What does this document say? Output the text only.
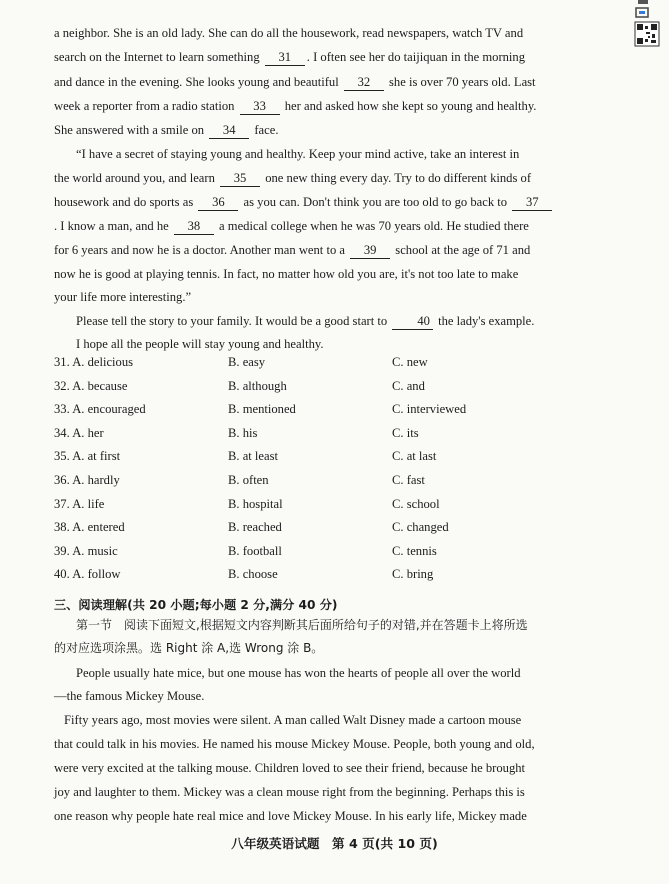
a neighbor. She is an old lady. She can do all the housework, read newspapers, watch TV and

search on the Internet to learn something 31 . I often see her do taijiquan in the morning

and dance in the evening. She looks young and beautiful 32 she is over 70 years old. Last

week a reporter from a radio station 33 her and asked how she kept so young and healthy.

She answered with a smile on 34 face.

“I have a secret of staying young and healthy. Keep your mind active, take an interest in

the world around you, and learn 35 one new thing every day. Try to do different kinds of

housework and do sports as 36 as you can. Don't think you are too old to go back to 37

. I know a man, and he 38 a medical college when he was 70 years old. He studied there

for 6 years and now he is a doctor. Another man went to a 39 school at the age of 71 and

now he is good at playing tennis. In fact, no matter how old you are, it's not too late to make

your life more interesting.”

Please tell the story to your family. It would be a good start to 40 the lady's example.

I hope all the people will stay young and healthy.

31. A. delicious	B. easy	C. new
32. A. because	B. although	C. and
33. A. encouraged	B. mentioned	C. interviewed
34. A. her	B. his	C. its
35. A. at first	B. at least	C. at last
36. A. hardly	B. often	C. fast
37. A. life	B. hospital	C. school
38. A. entered	B. reached	C. changed
39. A. music	B. football	C. tennis
40. A. follow	B. choose	C. bring
三、阅读理解(共 20 小题;每小题 2 分,满分 40 分)

第一节　阅读下面短文,根据短文内容判断其后面所给句子的对错,并在答题卡上将所选

的对应选项涂黑。选 Right 涂 A,选 Wrong 涂 B。

People usually hate mice, but one mouse has won the hearts of people all over the world

—the famous Mickey Mouse.

Fifty years ago, most movies were silent. A man called Walt Disney made a cartoon mouse

that could talk in his movies. He named his mouse Mickey Mouse. People, both young and old,

were very excited at the talking mouse. Children loved to see their friend, because he brought

joy and laughter to them. Mickey was a clean mouse right from the beginning. Perhaps this is

one reason why people hate real mice and love Mickey Mouse. In his early life, Mickey made

八年级英语试题　第 4 页(共 10 页)
